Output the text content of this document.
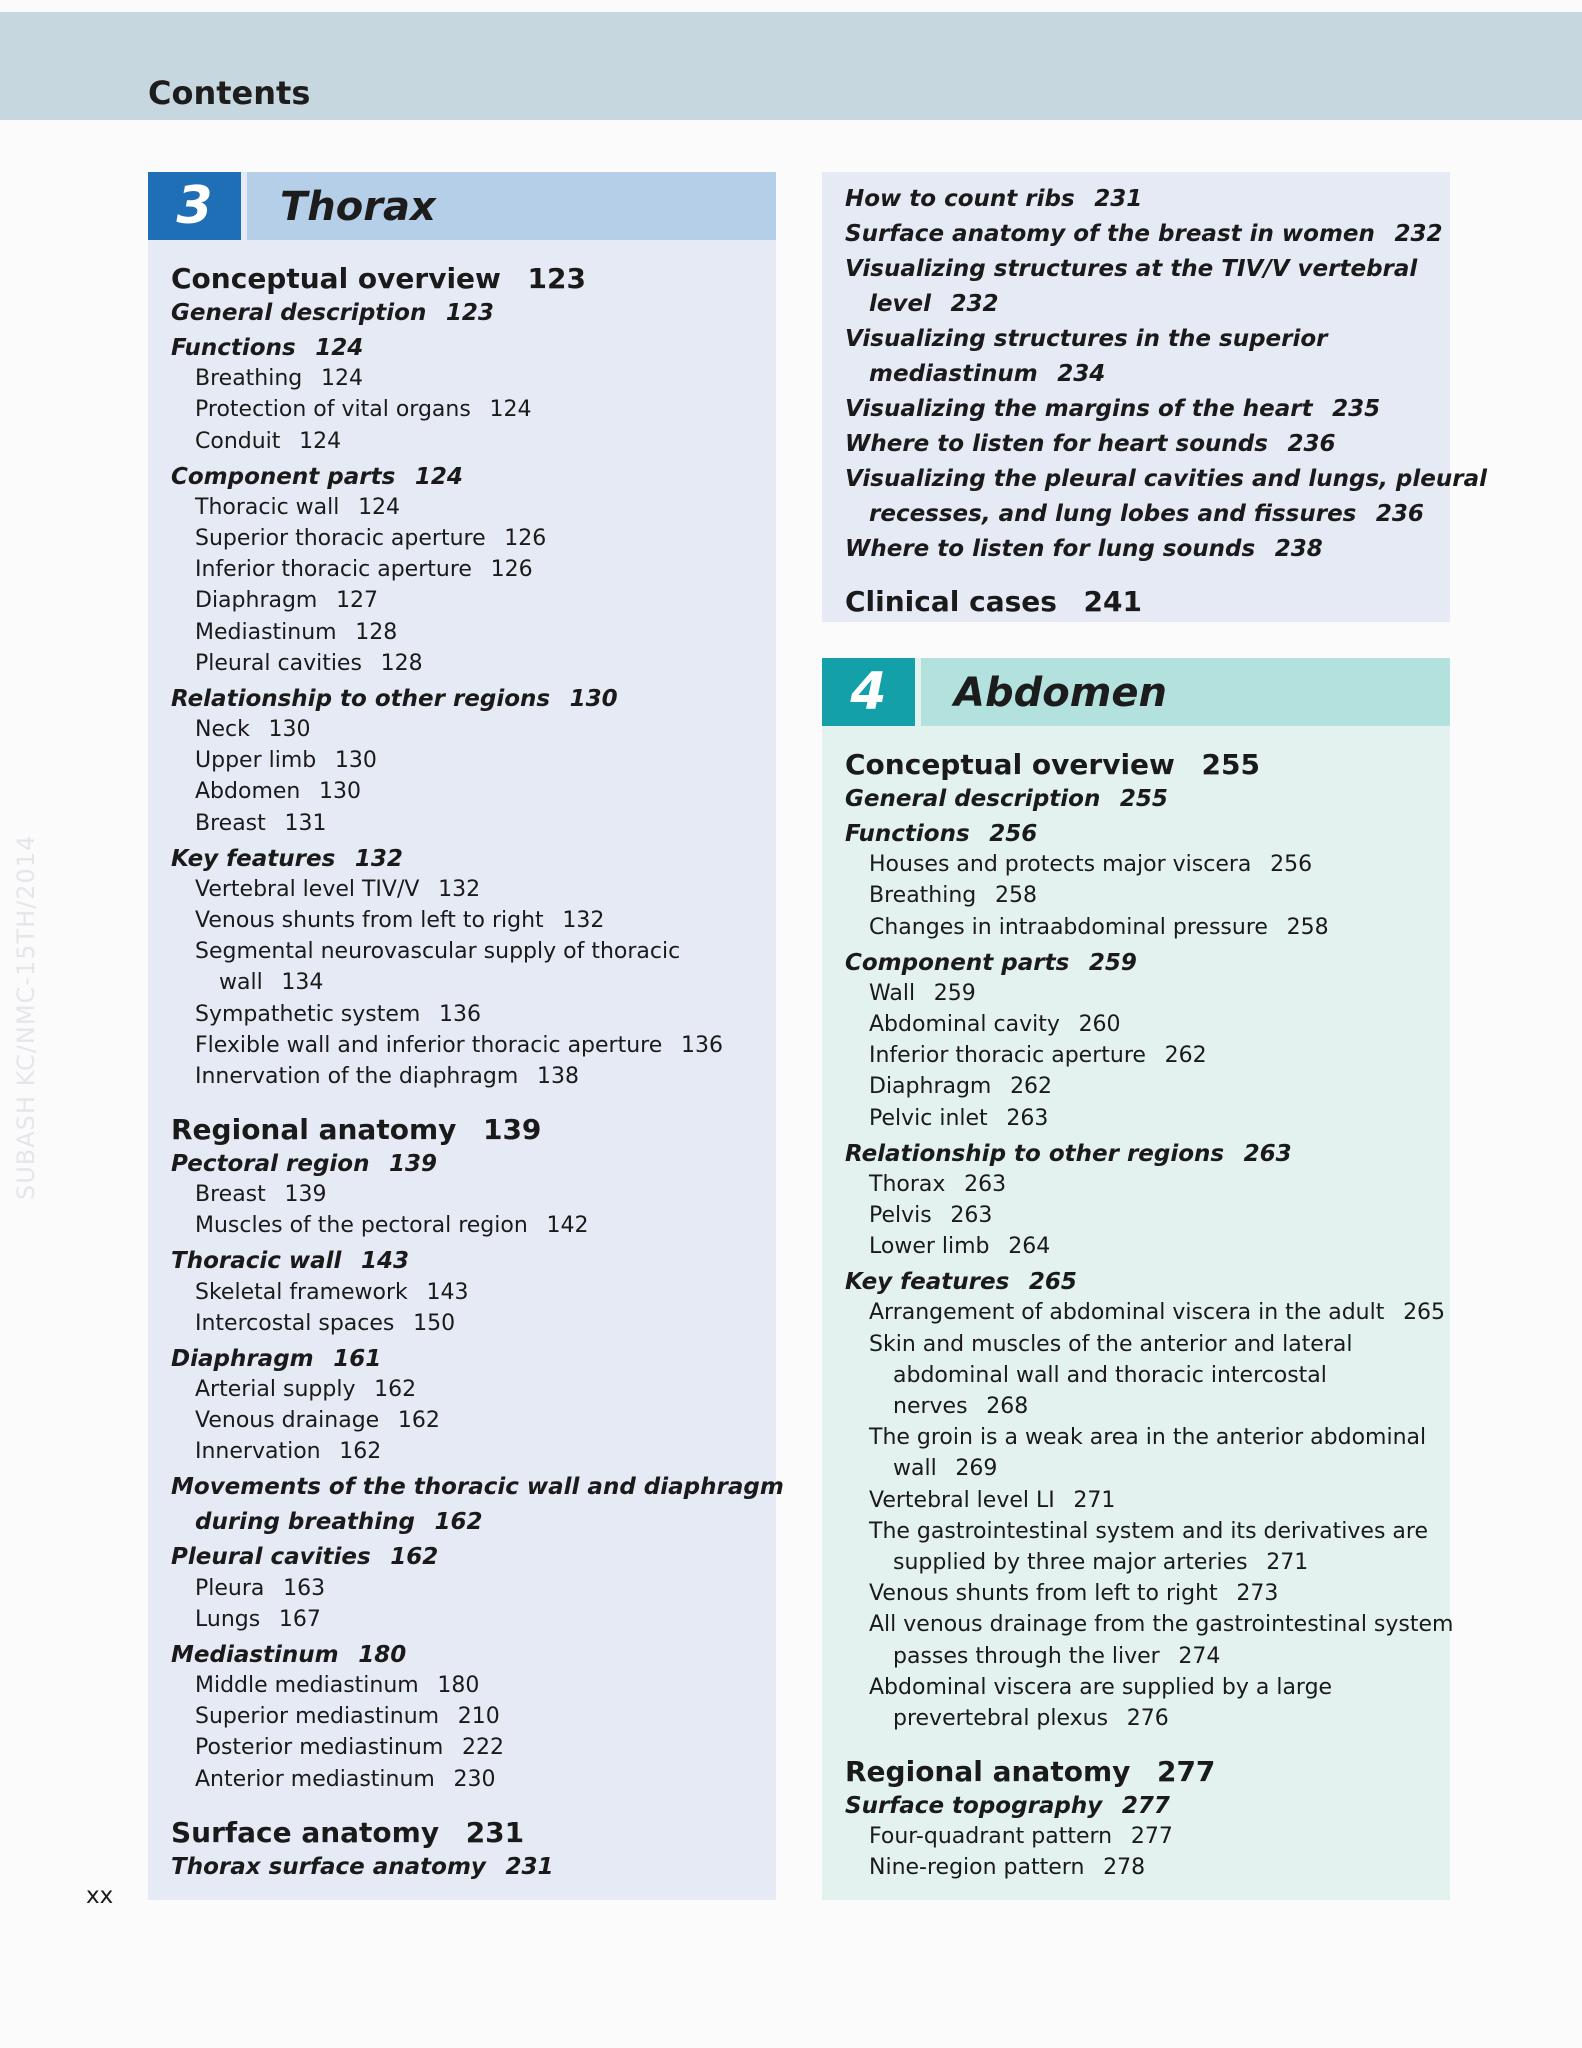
Contents
SUBASH KC/NMC-15TH/2014
3	Thorax
Conceptual overview 123
General description 123
Functions 124
Breathing 124
Protection of vital organs 124
Conduit 124
Component parts 124
Thoracic wall 124
Superior thoracic aperture 126
Inferior thoracic aperture 126
Diaphragm 127
Mediastinum 128
Pleural cavities 128
Relationship to other regions 130
Neck 130
Upper limb 130
Abdomen 130
Breast 131
Key features 132
Vertebral level TIV/V 132
Venous shunts from left to right 132
Segmental neurovascular supply of thoracic
wall 134
Sympathetic system 136
Flexible wall and inferior thoracic aperture 136
Innervation of the diaphragm 138
Regional anatomy 139
Pectoral region 139
Breast 139
Muscles of the pectoral region 142
Thoracic wall 143
Skeletal framework 143
Intercostal spaces 150
Diaphragm 161
Arterial supply 162
Venous drainage 162
Innervation 162
Movements of the thoracic wall and diaphragm
during breathing 162
Pleural cavities 162
Pleura 163
Lungs 167
Mediastinum 180
Middle mediastinum 180
Superior mediastinum 210
Posterior mediastinum 222
Anterior mediastinum 230
Surface anatomy 231
Thorax surface anatomy 231
How to count ribs 231
Surface anatomy of the breast in women 232
Visualizing structures at the TIV/V vertebral
level 232
Visualizing structures in the superior
mediastinum 234
Visualizing the margins of the heart 235
Where to listen for heart sounds 236
Visualizing the pleural cavities and lungs, pleural
recesses, and lung lobes and fissures 236
Where to listen for lung sounds 238
Clinical cases 241
4	Abdomen
Conceptual overview 255
General description 255
Functions 256
Houses and protects major viscera 256
Breathing 258
Changes in intraabdominal pressure 258
Component parts 259
Wall 259
Abdominal cavity 260
Inferior thoracic aperture 262
Diaphragm 262
Pelvic inlet 263
Relationship to other regions 263
Thorax 263
Pelvis 263
Lower limb 264
Key features 265
Arrangement of abdominal viscera in the adult 265
Skin and muscles of the anterior and lateral
abdominal wall and thoracic intercostal
nerves 268
The groin is a weak area in the anterior abdominal
wall 269
Vertebral level LI 271
The gastrointestinal system and its derivatives are
supplied by three major arteries 271
Venous shunts from left to right 273
All venous drainage from the gastrointestinal system
passes through the liver 274
Abdominal viscera are supplied by a large
prevertebral plexus 276
Regional anatomy 277
Surface topography 277
Four-quadrant pattern 277
Nine-region pattern 278
xx
